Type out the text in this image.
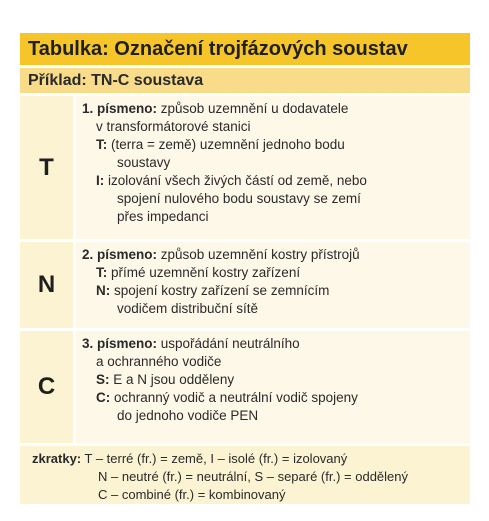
Tabulka: Označení trojfázových soustav
Příklad: TN-C soustava
T
1. písmeno: způsob uzemnění u dodavatele
v transformátorové stanici
T: (terra = země) uzemnění jednoho bodu
soustavy
I: izolování všech živých částí od země, nebo
spojení nulového bodu soustavy se zemí
přes impedanci
N
2. písmeno: způsob uzemnění kostry přístrojů
T: přímé uzemnění kostry zařízení
N: spojení kostry zařízení se zemnícím
vodičem distribuční sítě
C
3. písmeno: uspořádání neutrálního
a ochranného vodiče
S: E a N jsou odděleny
C: ochranný vodič a neutrální vodič spojeny
do jednoho vodiče PEN
zkratky: T – terré (fr.) = země, I – isolé (fr.) = izolovaný
N – neutré (fr.) = neutrální, S – separé (fr.) = oddělený
C – combiné (fr.) = kombinovaný
